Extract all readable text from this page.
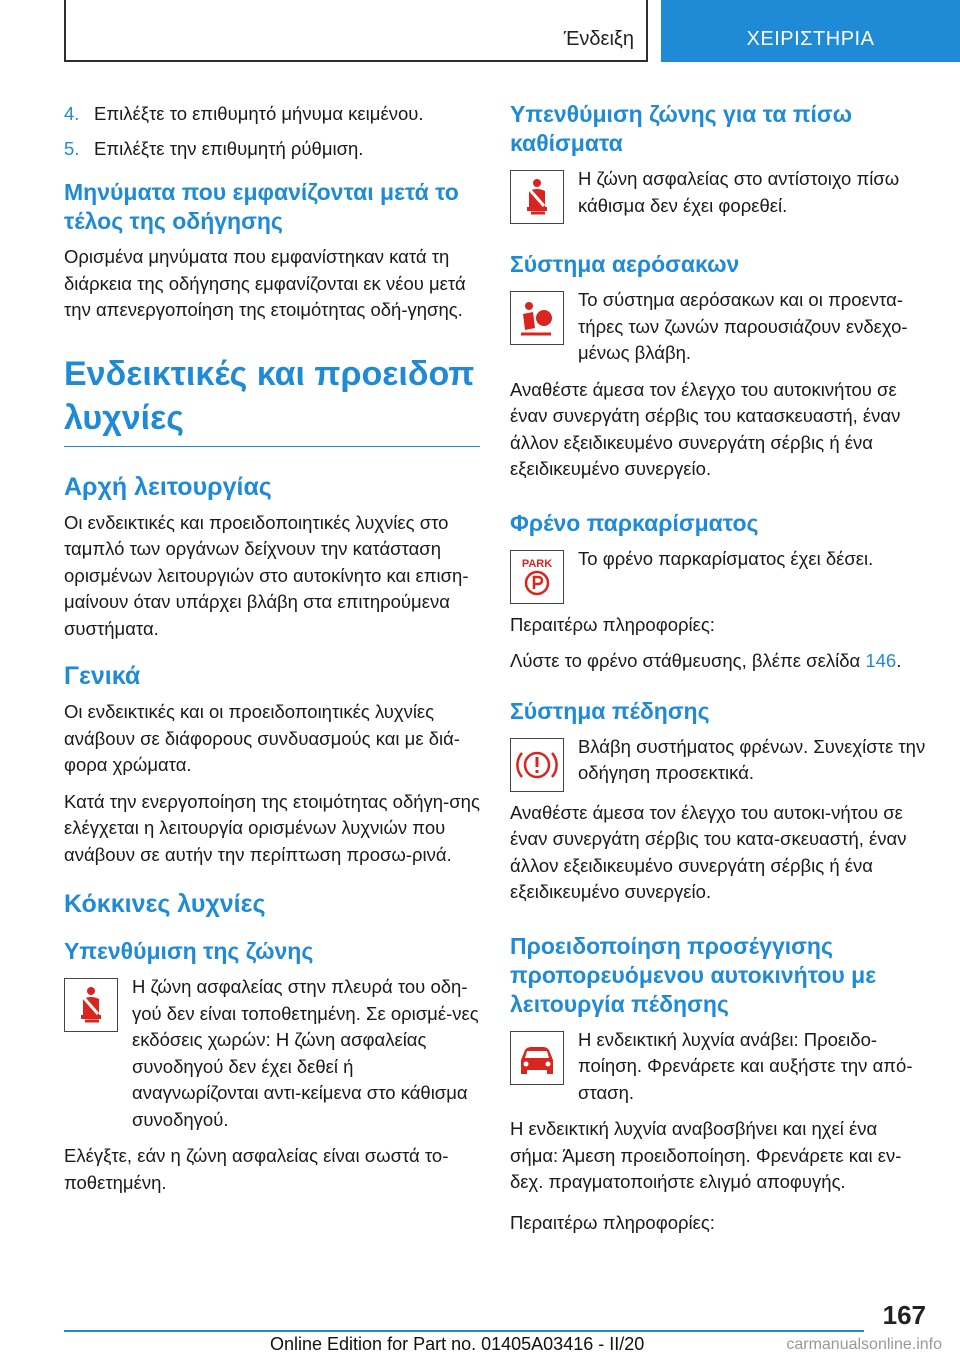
Ένδειξη	ΧΕΙΡΙΣΤΗΡΙΑ
4. Επιλέξτε το επιθυμητό μήνυμα κειμένου.
5. Επιλέξτε την επιθυμητή ρύθμιση.
Μηνύματα που εμφανίζονται μετά το τέλος της οδήγησης

Ορισμένα μηνύματα που εμφανίστηκαν κατά τη διάρκεια της οδήγησης εμφανίζονται εκ νέου μετά την απενεργοποίηση της ετοιμότητας οδή-γησης.

Ενδεικτικές και προειδοπ λυχνίες
Αρχή λειτουργίας

Οι ενδεικτικές και προειδοποιητικές λυχνίες στο ταμπλό των οργάνων δείχνουν την κατάσταση ορισμένων λειτουργιών στο αυτοκίνητο και επιση-μαίνουν όταν υπάρχει βλάβη στα επιτηρούμενα συστήματα.

Γενικά

Οι ενδεικτικές και οι προειδοποιητικές λυχνίες ανάβουν σε διάφορους συνδυασμούς και με διά-φορα χρώματα.

Κατά την ενεργοποίηση της ετοιμότητας οδήγη-σης ελέγχεται η λειτουργία ορισμένων λυχνιών που ανάβουν σε αυτήν την περίπτωση προσω-ρινά.

Κόκκινες λυχνίες
Υπενθύμιση της ζώνης

Η ζώνη ασφαλείας στην πλευρά του οδη-γού δεν είναι τοποθετημένη. Σε ορισμέ-νες εκδόσεις χωρών: Η ζώνη ασφαλείας συνοδηγού δεν έχει δεθεί ή αναγνωρίζονται αντι-κείμενα στο κάθισμα συνοδηγού.

Ελέγξτε, εάν η ζώνη ασφαλείας είναι σωστά το-ποθετημένη.

Υπενθύμιση ζώνης για τα πίσω καθίσματα

Η ζώνη ασφαλείας στο αντίστοιχο πίσω κάθισμα δεν έχει φορεθεί.

Σύστημα αερόσακων

Το σύστημα αερόσακων και οι προεντα-τήρες των ζωνών παρουσιάζουν ενδεχο-μένως βλάβη.

Αναθέστε άμεσα τον έλεγχο του αυτοκινήτου σε έναν συνεργάτη σέρβις του κατασκευαστή, έναν άλλον εξειδικευμένο συνεργάτη σέρβις ή ένα εξειδικευμένο συνεργείο.

Φρένο παρκαρίσματος
PARK	Το φρένο παρκαρίσματος έχει δέσει.

Περαιτέρω πληροφορίες:

Λύστε το φρένο στάθμευσης, βλέπε σελίδα 146.

Σύστημα πέδησης

Βλάβη συστήματος φρένων. Συνεχίστε την οδήγηση προσεκτικά.

Αναθέστε άμεσα τον έλεγχο του αυτοκι-νήτου σε έναν συνεργάτη σέρβις του κατα-σκευαστή, έναν άλλον εξειδικευμένο συνεργάτη σέρβις ή ένα εξειδικευμένο συνεργείο.

Προειδοποίηση προσέγγισης προπορευόμενου αυτοκινήτου με λειτουργία πέδησης

Η ενδεικτική λυχνία ανάβει: Προειδο-ποίηση. Φρενάρετε και αυξήστε την από-σταση.

Η ενδεικτική λυχνία αναβοσβήνει και ηχεί ένα σήμα: Άμεση προειδοποίηση. Φρενάρετε και εν-δεχ. πραγματοποιήστε ελιγμό αποφυγής.

Περαιτέρω πληροφορίες:

167
Online Edition for Part no. 01405A03416 - II/20	carmanualsonline.info
